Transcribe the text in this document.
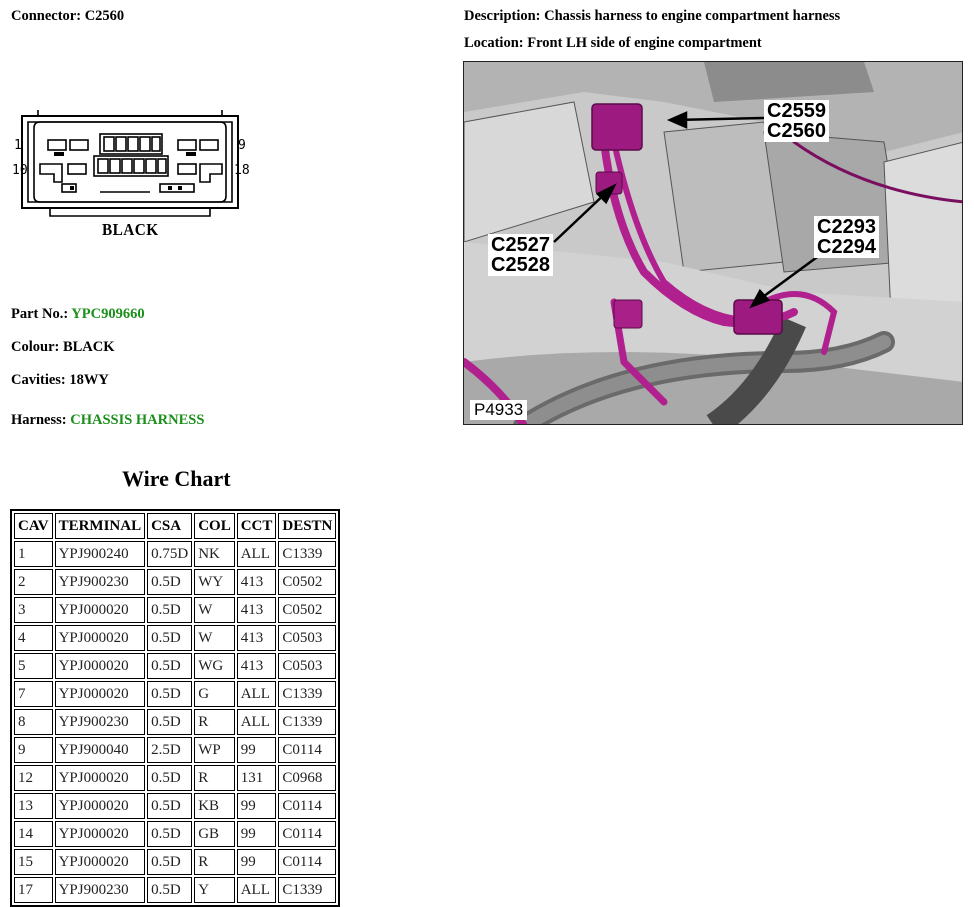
Connector: C2560	Description: Chassis harness to engine compartment harness
Location: Front LH side of engine compartment
1	9
10	18
BLACK
Part No.: YPC909660
Colour: BLACK
Cavities: 18WY
Harness: CHASSIS HARNESS
C2559
C2560
C2527
C2528
C2293
C2294
P4933
Wire Chart
CAV	TERMINAL	CSA	COL	CCT	DESTN
1	YPJ900240	0.75D	NK	ALL	C1339
2	YPJ900230	0.5D	WY	413	C0502
3	YPJ000020	0.5D	W	413	C0502
4	YPJ000020	0.5D	W	413	C0503
5	YPJ000020	0.5D	WG	413	C0503
7	YPJ000020	0.5D	G	ALL	C1339
8	YPJ900230	0.5D	R	ALL	C1339
9	YPJ900040	2.5D	WP	99	C0114
12	YPJ000020	0.5D	R	131	C0968
13	YPJ000020	0.5D	KB	99	C0114
14	YPJ000020	0.5D	GB	99	C0114
15	YPJ000020	0.5D	R	99	C0114
17	YPJ900230	0.5D	Y	ALL	C1339
